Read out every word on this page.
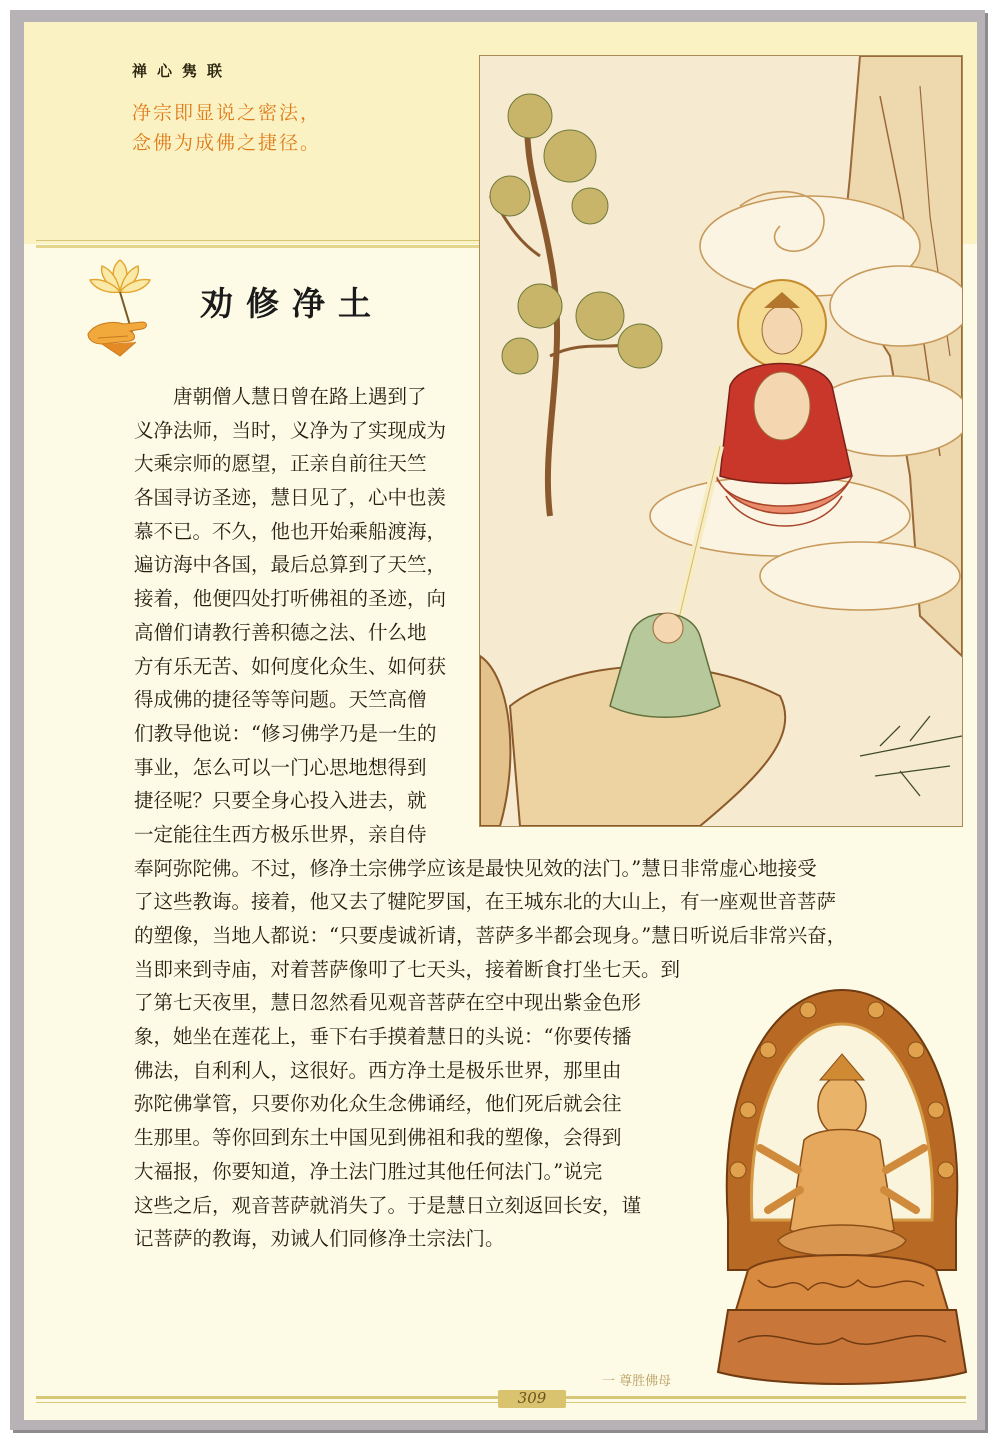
禅心隽联
净宗即显说之密法，
念佛为成佛之捷径。
劝修净土
　　唐朝僧人慧日曾在路上遇到了
义净法师，当时，义净为了实现成为
大乘宗师的愿望，正亲自前往天竺
各国寻访圣迹，慧日见了，心中也羡
慕不已。不久，他也开始乘船渡海，
遍访海中各国，最后总算到了天竺，
接着，他便四处打听佛祖的圣迹，向
高僧们请教行善积德之法、什么地
方有乐无苦、如何度化众生、如何获
得成佛的捷径等等问题。天竺高僧
们教导他说：“修习佛学乃是一生的
事业，怎么可以一门心思地想得到
捷径呢？只要全身心投入进去，就
一定能往生西方极乐世界，亲自侍
奉阿弥陀佛。不过，修净土宗佛学应该是最快见效的法门。”慧日非常虚心地接受
了这些教诲。接着，他又去了犍陀罗国，在王城东北的大山上，有一座观世音菩萨
的塑像，当地人都说：“只要虔诚祈请，菩萨多半都会现身。”慧日听说后非常兴奋，
当即来到寺庙，对着菩萨像叩了七天头，接着断食打坐七天。到
了第七天夜里，慧日忽然看见观音菩萨在空中现出紫金色形
象，她坐在莲花上，垂下右手摸着慧日的头说：“你要传播
佛法，自利利人，这很好。西方净土是极乐世界，那里由
弥陀佛掌管，只要你劝化众生念佛诵经，他们死后就会往
生那里。等你回到东土中国见到佛祖和我的塑像，会得到
大福报，你要知道，净土法门胜过其他任何法门。”说完
这些之后，观音菩萨就消失了。于是慧日立刻返回长安，谨
记菩萨的教诲，劝诫人们同修净土宗法门。
一 尊胜佛母
309
